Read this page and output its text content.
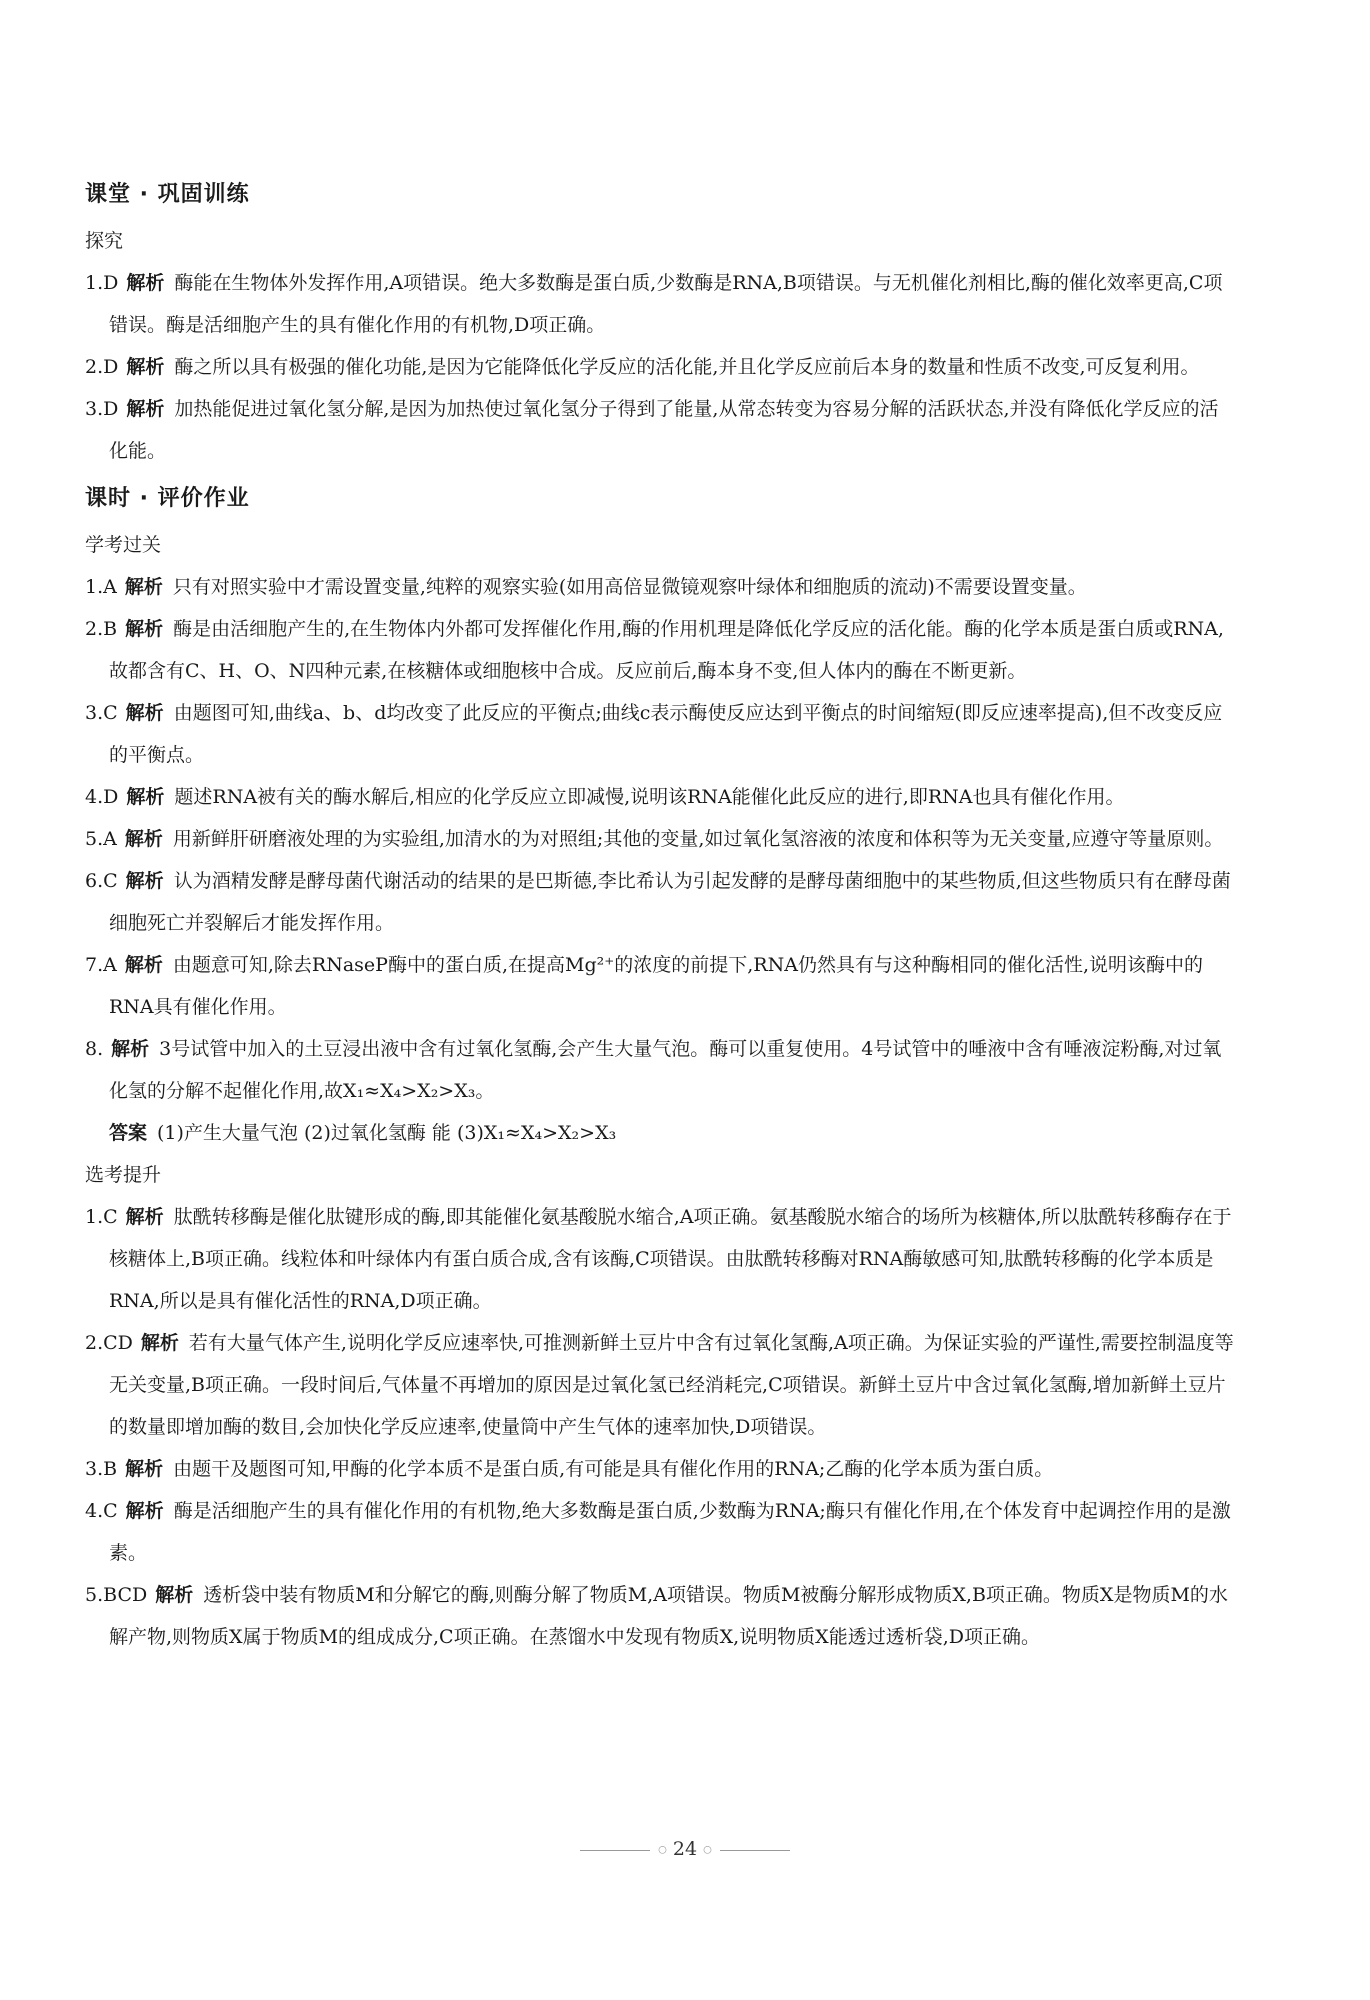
课堂 · 巩固训练
探究
1.D 解析 酶能在生物体外发挥作用,A项错误。绝大多数酶是蛋白质,少数酶是RNA,B项错误。与无机催化剂相比,酶的催化效率更高,C项错误。酶是活细胞产生的具有催化作用的有机物,D项正确。
2.D 解析 酶之所以具有极强的催化功能,是因为它能降低化学反应的活化能,并且化学反应前后本身的数量和性质不改变,可反复利用。
3.D 解析 加热能促进过氧化氢分解,是因为加热使过氧化氢分子得到了能量,从常态转变为容易分解的活跃状态,并没有降低化学反应的活化能。
课时 · 评价作业
学考过关
1.A 解析 只有对照实验中才需设置变量,纯粹的观察实验(如用高倍显微镜观察叶绿体和细胞质的流动)不需要设置变量。
2.B 解析 酶是由活细胞产生的,在生物体内外都可发挥催化作用,酶的作用机理是降低化学反应的活化能。酶的化学本质是蛋白质或RNA,故都含有C、H、O、N四种元素,在核糖体或细胞核中合成。反应前后,酶本身不变,但人体内的酶在不断更新。
3.C 解析 由题图可知,曲线a、b、d均改变了此反应的平衡点;曲线c表示酶使反应达到平衡点的时间缩短(即反应速率提高),但不改变反应的平衡点。
4.D 解析 题述RNA被有关的酶水解后,相应的化学反应立即减慢,说明该RNA能催化此反应的进行,即RNA也具有催化作用。
5.A 解析 用新鲜肝研磨液处理的为实验组,加清水的为对照组;其他的变量,如过氧化氢溶液的浓度和体积等为无关变量,应遵守等量原则。
6.C 解析 认为酒精发酵是酵母菌代谢活动的结果的是巴斯德,李比希认为引起发酵的是酵母菌细胞中的某些物质,但这些物质只有在酵母菌细胞死亡并裂解后才能发挥作用。
7.A 解析 由题意可知,除去RNaseP酶中的蛋白质,在提高Mg²⁺的浓度的前提下,RNA仍然具有与这种酶相同的催化活性,说明该酶中的RNA具有催化作用。
8. 解析 3号试管中加入的土豆浸出液中含有过氧化氢酶,会产生大量气泡。酶可以重复使用。4号试管中的唾液中含有唾液淀粉酶,对过氧化氢的分解不起催化作用,故X₁≈X₄>X₂>X₃。
答案 (1)产生大量气泡 (2)过氧化氢酶 能 (3)X₁≈X₄>X₂>X₃
选考提升
1.C 解析 肽酰转移酶是催化肽键形成的酶,即其能催化氨基酸脱水缩合,A项正确。氨基酸脱水缩合的场所为核糖体,所以肽酰转移酶存在于核糖体上,B项正确。线粒体和叶绿体内有蛋白质合成,含有该酶,C项错误。由肽酰转移酶对RNA酶敏感可知,肽酰转移酶的化学本质是RNA,所以是具有催化活性的RNA,D项正确。
2.CD 解析 若有大量气体产生,说明化学反应速率快,可推测新鲜土豆片中含有过氧化氢酶,A项正确。为保证实验的严谨性,需要控制温度等无关变量,B项正确。一段时间后,气体量不再增加的原因是过氧化氢已经消耗完,C项错误。新鲜土豆片中含过氧化氢酶,增加新鲜土豆片的数量即增加酶的数目,会加快化学反应速率,使量筒中产生气体的速率加快,D项错误。
3.B 解析 由题干及题图可知,甲酶的化学本质不是蛋白质,有可能是具有催化作用的RNA;乙酶的化学本质为蛋白质。
4.C 解析 酶是活细胞产生的具有催化作用的有机物,绝大多数酶是蛋白质,少数酶为RNA;酶只有催化作用,在个体发育中起调控作用的是激素。
5.BCD 解析 透析袋中装有物质M和分解它的酶,则酶分解了物质M,A项错误。物质M被酶分解形成物质X,B项正确。物质X是物质M的水解产物,则物质X属于物质M的组成成分,C项正确。在蒸馏水中发现有物质X,说明物质X能透过透析袋,D项正确。
○ 24 ○
